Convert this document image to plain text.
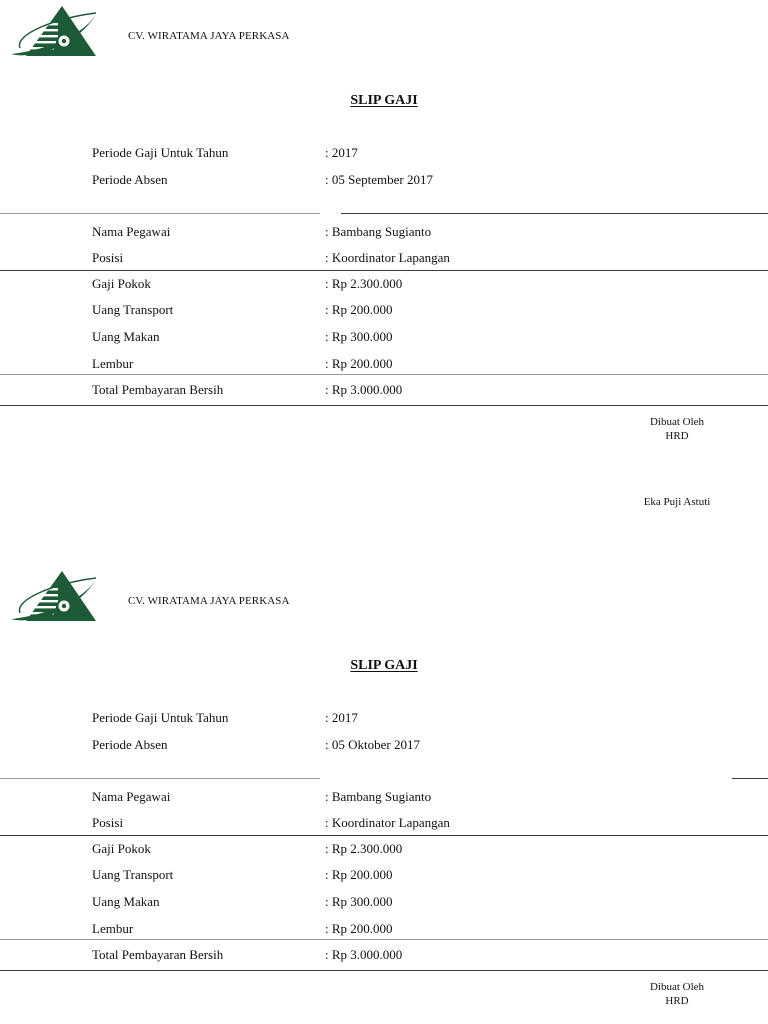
CV. WIRATAMA JAYA PERKASA
SLIP GAJI
Periode Gaji Untuk Tahun	: 2017
Periode Absen	: 05 September 2017
Nama Pegawai	: Bambang Sugianto
Posisi	: Koordinator Lapangan
Gaji Pokok	: Rp 2.300.000
Uang Transport	: Rp 200.000
Uang Makan	: Rp 300.000
Lembur	: Rp 200.000
Total Pembayaran Bersih	: Rp 3.000.000
Dibuat Oleh
HRD
Eka Puji Astuti
CV. WIRATAMA JAYA PERKASA
SLIP GAJI
Periode Gaji Untuk Tahun	: 2017
Periode Absen	: 05 Oktober 2017
Nama Pegawai	: Bambang Sugianto
Posisi	: Koordinator Lapangan
Gaji Pokok	: Rp 2.300.000
Uang Transport	: Rp 200.000
Uang Makan	: Rp 300.000
Lembur	: Rp 200.000
Total Pembayaran Bersih	: Rp 3.000.000
Dibuat Oleh
HRD
